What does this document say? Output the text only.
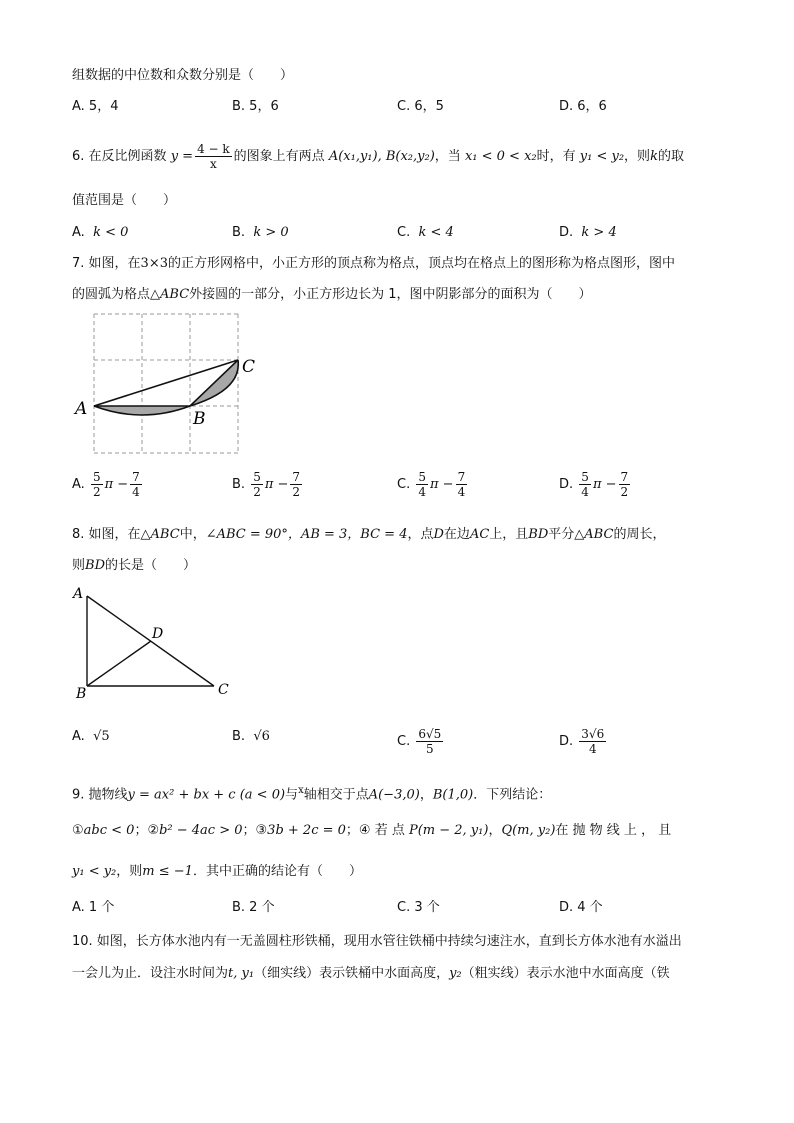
组数据的中位数和众数分别是（　　）
A. 5，4	B. 5，6	C. 6，5	D. 6，6
6. 在反比例函数 $y = \frac{4 - k}{x}$ 的图象上有两点 A(x₁,y₁), B(x₂,y₂)，当 x₁ < 0 < x₂时，有 y₁ < y₂，则k的取
值范围是（　　）
A. k < 0	B. k > 0	C. k < 4	D. k > 4
7. 如图，在3×3的正方形网格中，小正方形的顶点称为格点，顶点均在格点上的图形称为格点图形，图中
的圆弧为格点△ABC外接圆的一部分，小正方形边长为 1，图中阴影部分的面积为（　　）
A	B
C
A. $\frac{5}{2}$ $\pi - \frac{7}{4}$	B. $\frac{5}{2}$ $\pi - \frac{7}{2}$	C. $\frac{5}{4}$ $\pi - \frac{7}{4}$	D. $\frac{5}{4}$ $\pi - \frac{7}{2}$
8. 如图，在△ABC中，∠ABC = 90°，AB = 3，BC = 4，点D在边AC上，且BD平分△ABC的周长，
则BD的长是（　　）
A
B	C
D
A. √5	B. √6	C. $\frac{6√5}{5}$	D. $\frac{3√6}{4}$
9. 抛物线y = ax² + bx + c (a < 0)与$^x$轴相交于点A(−3,0)，B(1,0)．下列结论：
①abc < 0；②b² − 4ac > 0；③3b + 2c = 0；④ 若 点 P(m − 2, y₁)，Q(m, y₂)在 抛 物 线 上 ， 且
y₁ < y₂，则m ≤ −1．其中正确的结论有（　　）
A. 1 个	B. 2 个	C. 3 个	D. 4 个
10. 如图，长方体水池内有一无盖圆柱形铁桶，现用水管往铁桶中持续匀速注水，直到长方体水池有水溢出
一会儿为止．设注水时间为t, y₁（细实线）表示铁桶中水面高度，y₂（粗实线）表示水池中水面高度（铁
